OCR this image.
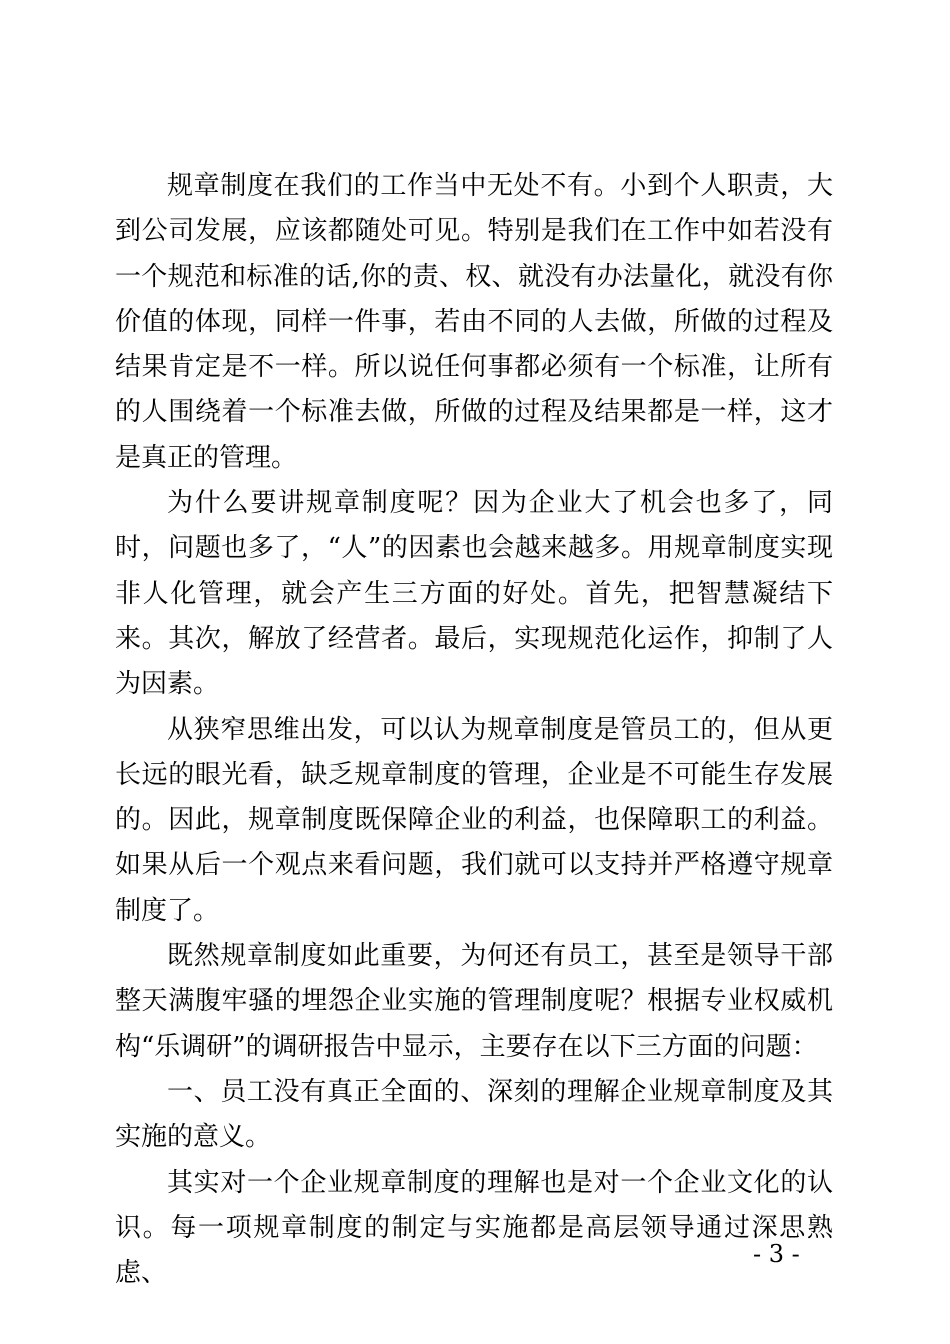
规章制度在我们的工作当中无处不有。小到个人职责，大到公司发展，应该都随处可见。特别是我们在工作中如若没有一个规范和标准的话,你的责、权、就没有办法量化，就没有你价值的体现，同样一件事，若由不同的人去做，所做的过程及结果肯定是不一样。所以说任何事都必须有一个标准，让所有的人围绕着一个标准去做，所做的过程及结果都是一样，这才是真正的管理。

为什么要讲规章制度呢？因为企业大了机会也多了，同时，问题也多了，“人”的因素也会越来越多。用规章制度实现非人化管理，就会产生三方面的好处。首先，把智慧凝结下来。其次，解放了经营者。最后，实现规范化运作，抑制了人为因素。

从狭窄思维出发，可以认为规章制度是管员工的，但从更长远的眼光看，缺乏规章制度的管理，企业是不可能生存发展的。因此，规章制度既保障企业的利益，也保障职工的利益。如果从后一个观点来看问题，我们就可以支持并严格遵守规章制度了。

既然规章制度如此重要，为何还有员工，甚至是领导干部整天满腹牢骚的埋怨企业实施的管理制度呢？根据专业权威机构“乐调研”的调研报告中显示，主要存在以下三方面的问题：

一、员工没有真正全面的、深刻的理解企业规章制度及其实施的意义。

其实对一个企业规章制度的理解也是对一个企业文化的认识。每一项规章制度的制定与实施都是高层领导通过深思熟虑、

- 3 -
